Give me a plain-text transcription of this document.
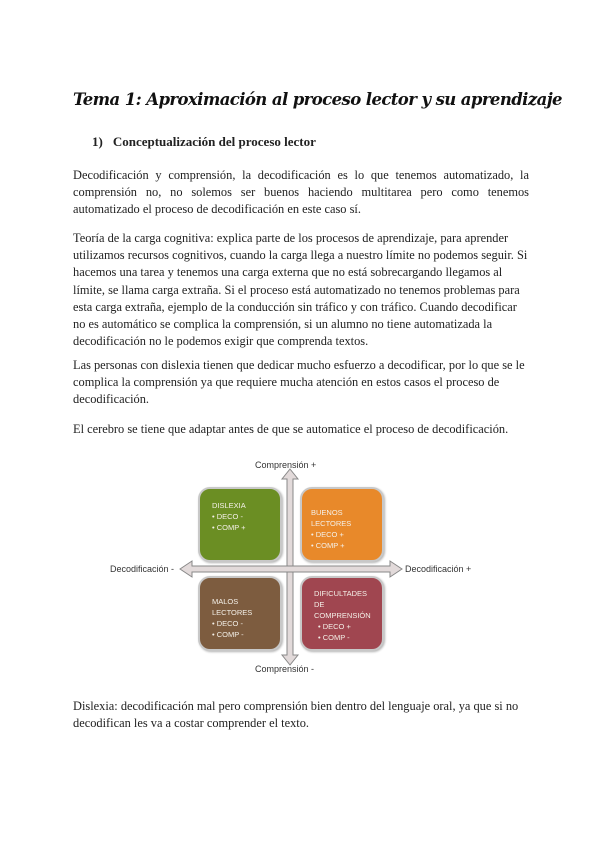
Tema 1: Aproximación al proceso lector y su aprendizaje
1) Conceptualización del proceso lector

Decodificación y comprensión, la decodificación es lo que tenemos automatizado, la comprensión no, no solemos ser buenos haciendo multitarea pero como tenemos automatizado el proceso de decodificación en este caso sí.

Teoría de la carga cognitiva: explica parte de los procesos de aprendizaje, para aprender utilizamos recursos cognitivos, cuando la carga llega a nuestro límite no podemos seguir. Si hacemos una tarea y tenemos una carga externa que no está sobrecargando llegamos al límite, se llama carga extraña. Si el proceso está automatizado no tenemos problemas para esta carga extraña, ejemplo de la conducción sin tráfico y con tráfico. Cuando decodificar no es automático se complica la comprensión, si un alumno no tiene automatizada la decodificación no le podemos exigir que comprenda textos.

Las personas con dislexia tienen que dedicar mucho esfuerzo a decodificar, por lo que se le complica la comprensión ya que requiere mucha atención en estos casos el proceso de decodificación.

El cerebro se tiene que adaptar antes de que se automatice el proceso de decodificación.

Comprensión +
Comprensión -
Decodificación -	Decodificación +
DISLEXIA
• DECO -
• COMP +
BUENOS LECTORES
• DECO +
• COMP +
MALOS LECTORES
• DECO -
• COMP -
DIFICULTADES DE COMPRENSIÓN
• DECO +
• COMP -

Dislexia: decodificación mal pero comprensión bien dentro del lenguaje oral, ya que si no decodifican les va a costar comprender el texto.
